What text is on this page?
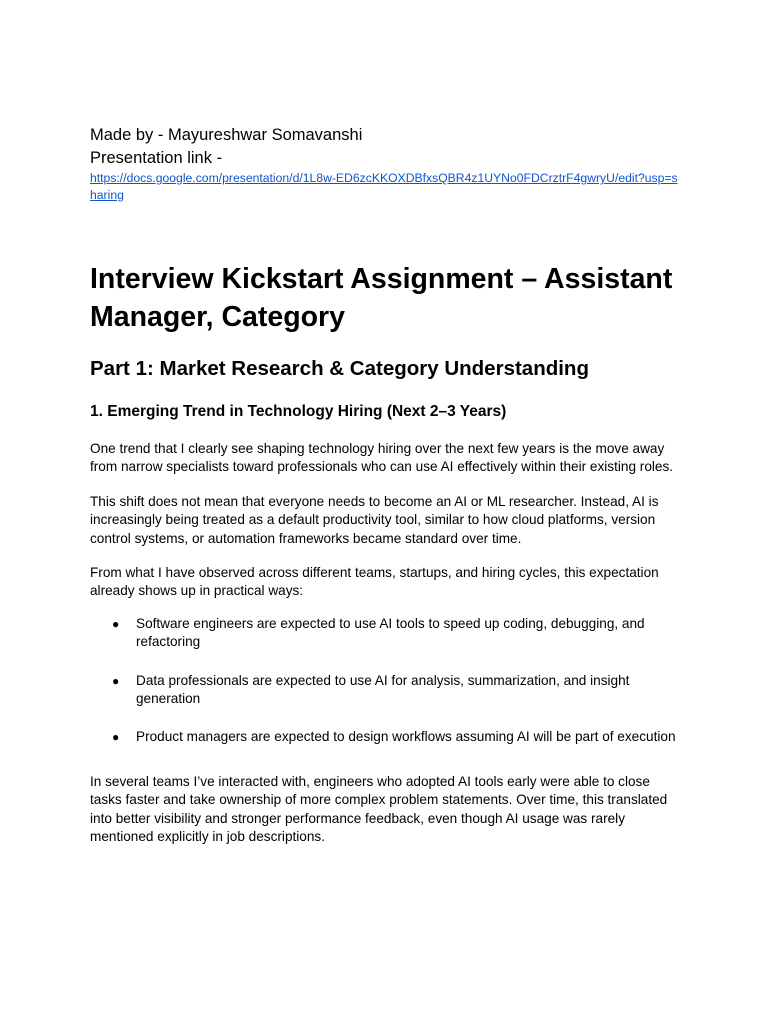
Made by - Mayureshwar Somavanshi

Presentation link -

https://docs.google.com/presentation/d/1L8w-ED6zcKKOXDBfxsQBR4z1UYNo0FDCrztrF4gwryU/edit?usp=sharing
Interview Kickstart Assignment – Assistant Manager, Category
Part 1: Market Research & Category Understanding
1. Emerging Trend in Technology Hiring (Next 2–3 Years)

One trend that I clearly see shaping technology hiring over the next few years is the move away from narrow specialists toward professionals who can use AI effectively within their existing roles.

This shift does not mean that everyone needs to become an AI or ML researcher. Instead, AI is increasingly being treated as a default productivity tool, similar to how cloud platforms, version control systems, or automation frameworks became standard over time.

From what I have observed across different teams, startups, and hiring cycles, this expectation already shows up in practical ways:

● Software engineers are expected to use AI tools to speed up coding, debugging, and refactoring
● Data professionals are expected to use AI for analysis, summarization, and insight generation
● Product managers are expected to design workflows assuming AI will be part of execution

In several teams I’ve interacted with, engineers who adopted AI tools early were able to close tasks faster and take ownership of more complex problem statements. Over time, this translated into better visibility and stronger performance feedback, even though AI usage was rarely mentioned explicitly in job descriptions.
